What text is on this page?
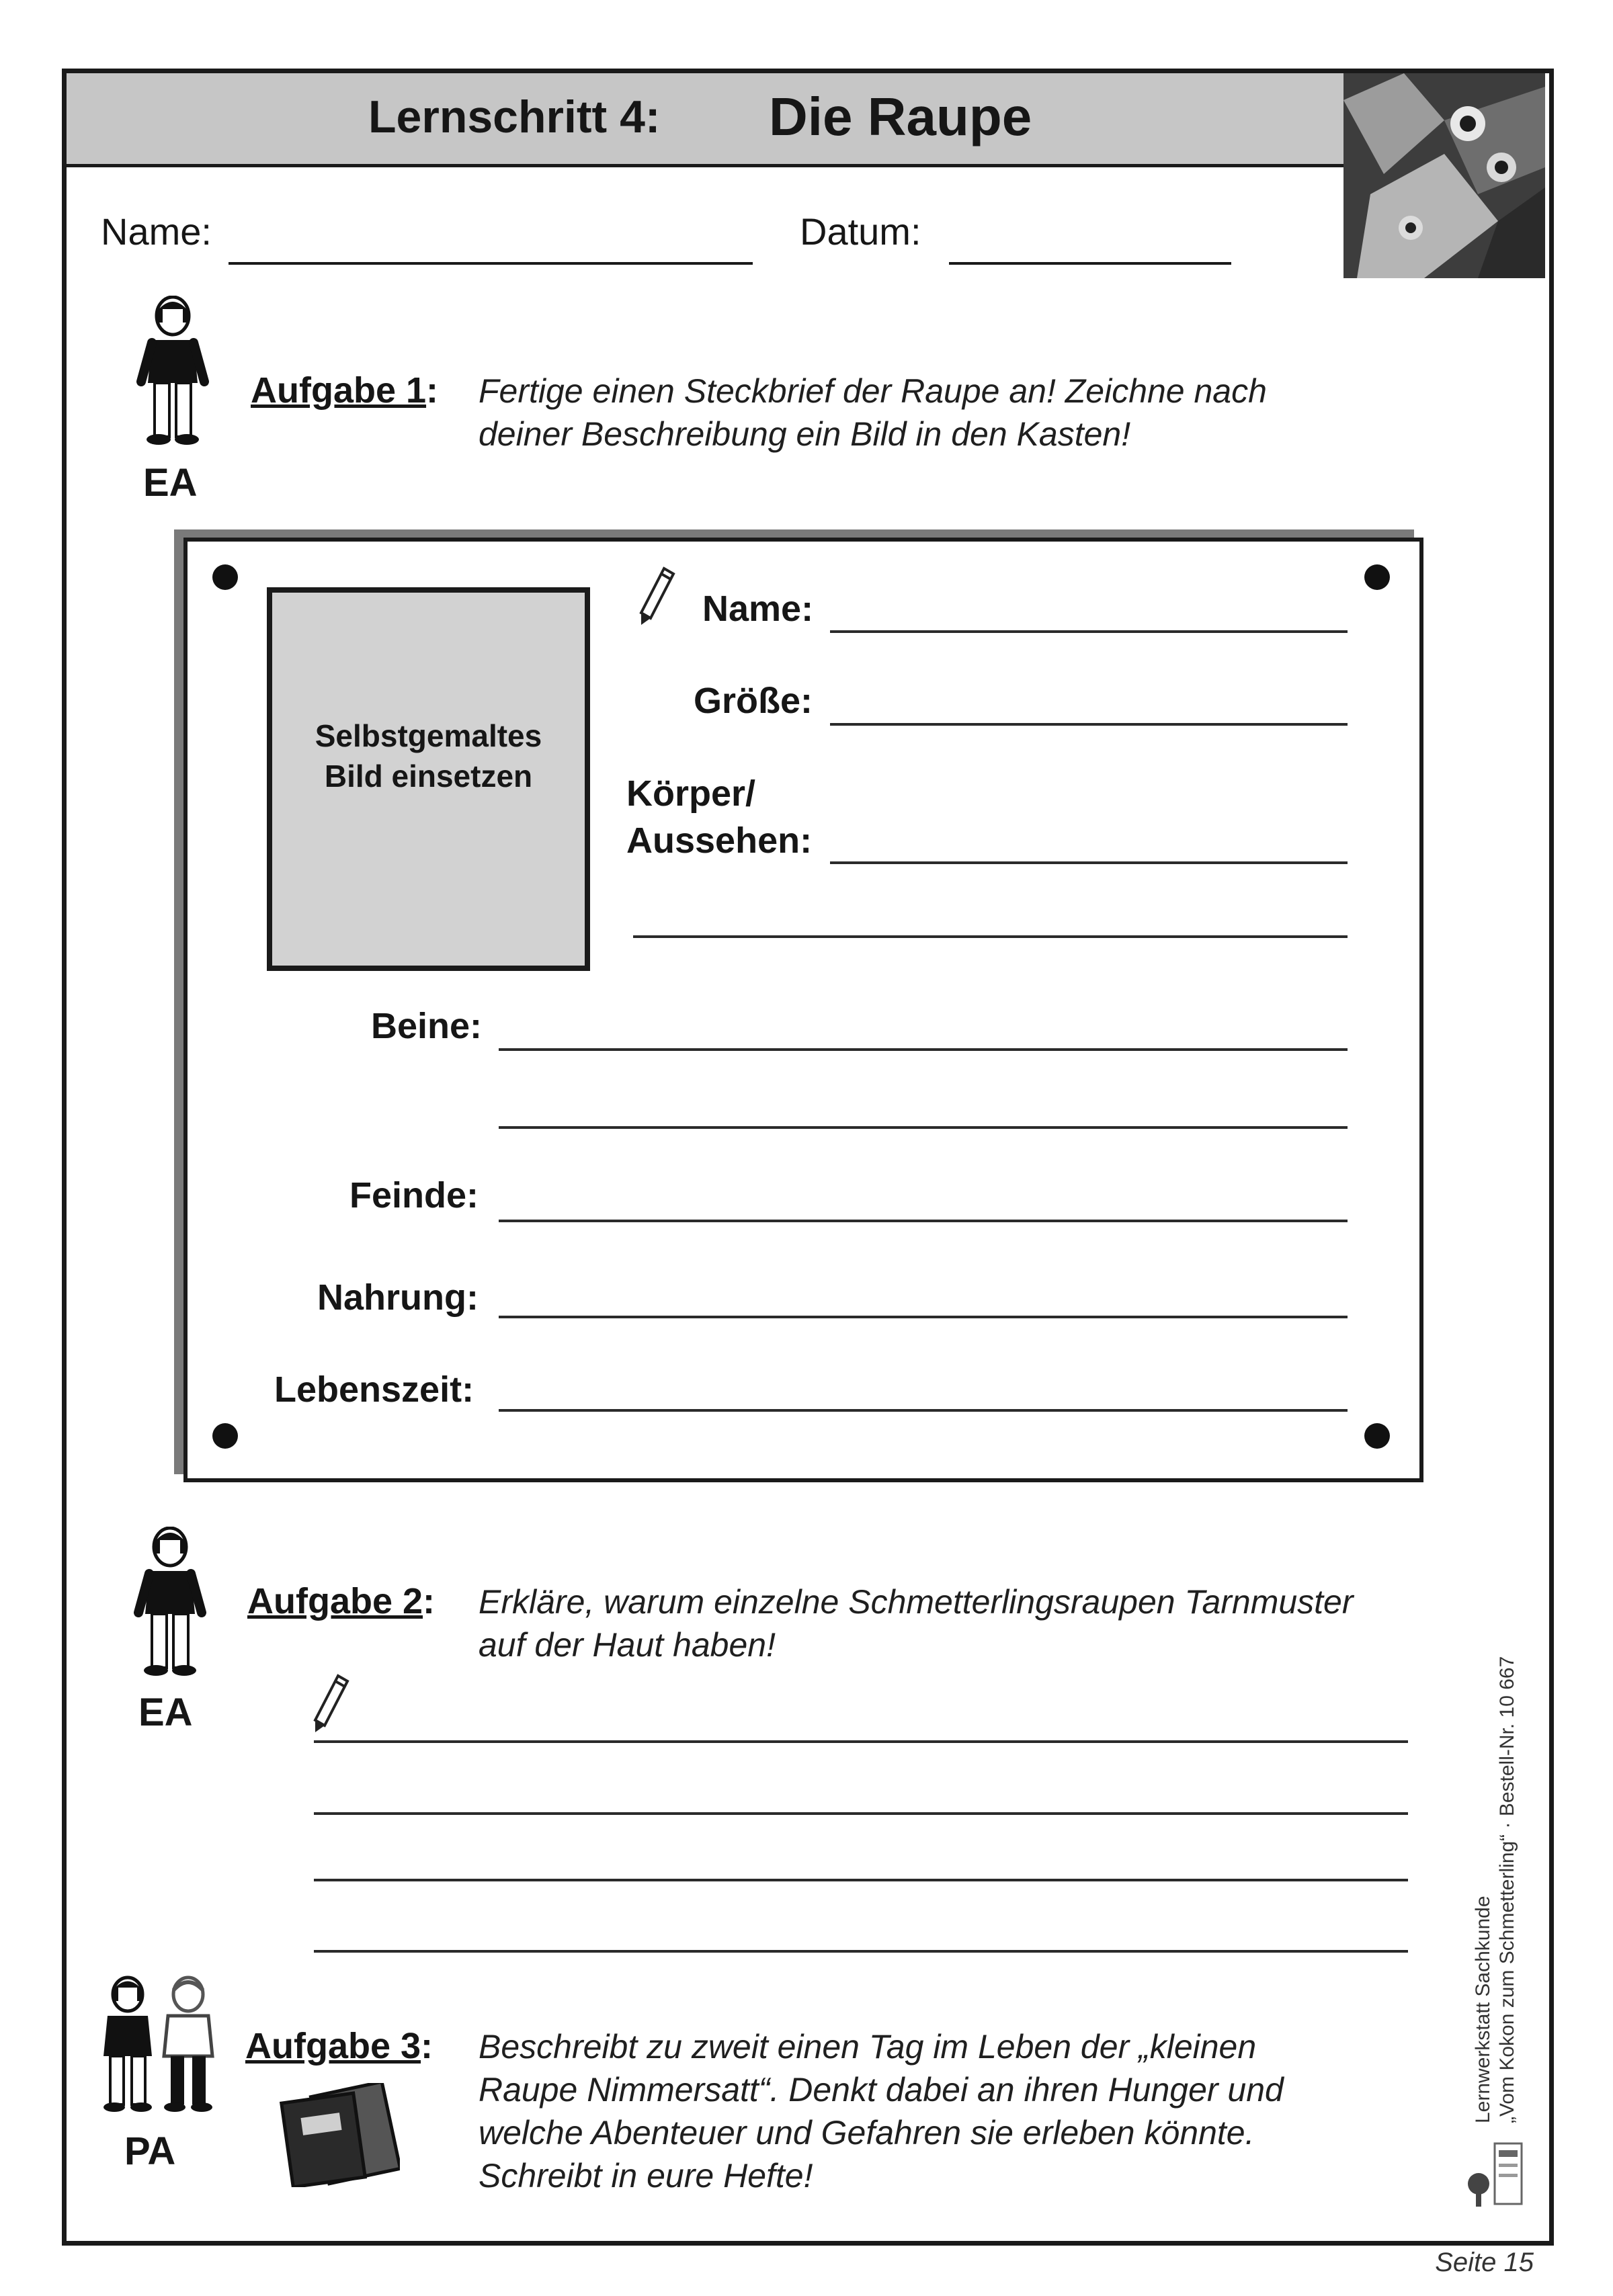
Lernschritt 4: Die Raupe
Name:	Datum:
EA
Aufgabe 1: Fertige einen Steckbrief der Raupe an! Zeichne nach
deiner Beschreibung ein Bild in den Kasten!
Selbstgemaltes
Bild einsetzen
Name:
Größe:
Körper/
Aussehen:
Beine:
Feinde:
Nahrung:
Lebenszeit:
EA
Aufgabe 2: Erkläre, warum einzelne Schmetterlingsraupen Tarnmuster
auf der Haut haben!
PA
Aufgabe 3: Beschreibt zu zweit einen Tag im Leben der „kleinen
Raupe Nimmersatt“. Denkt dabei an ihren Hunger und
welche Abenteuer und Gefahren sie erleben könnte.
Schreibt in eure Hefte!
Lernwerkstatt Sachkunde „Vom Kokon zum Schmetterling“ · Bestell-Nr. 10 667
Seite 15
